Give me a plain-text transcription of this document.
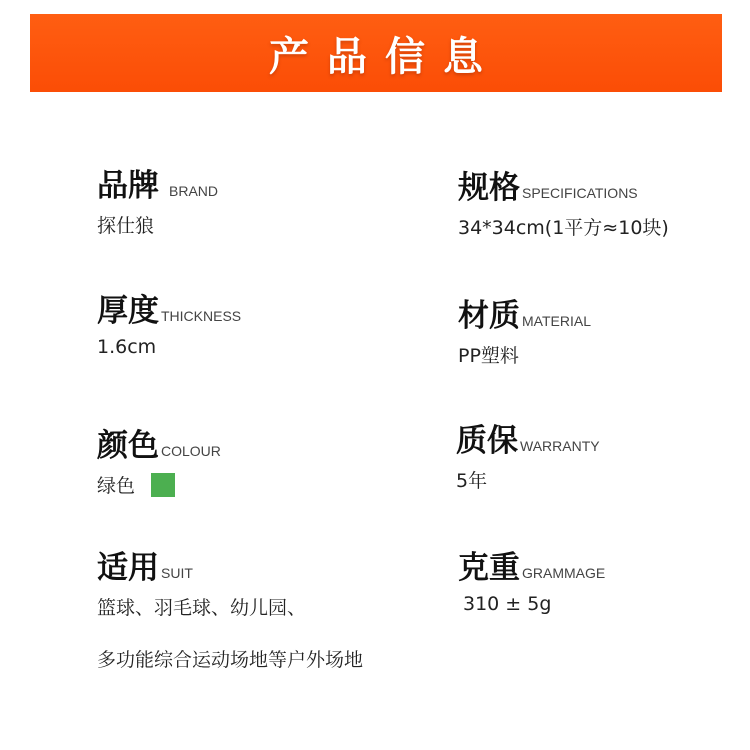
产品信息
品牌 BRAND
探仕狼
厚度 THICKNESS
1.6cm
颜色 COLOUR
绿色
适用 SUIT
篮球、羽毛球、幼儿园、
多功能综合运动场地等户外场地
规格 SPECIFICATIONS
34*34cm(1平方≈10块)
材质 MATERIAL
PP塑料
质保 WARRANTY
5年
克重 GRAMMAGE
310 ± 5g
